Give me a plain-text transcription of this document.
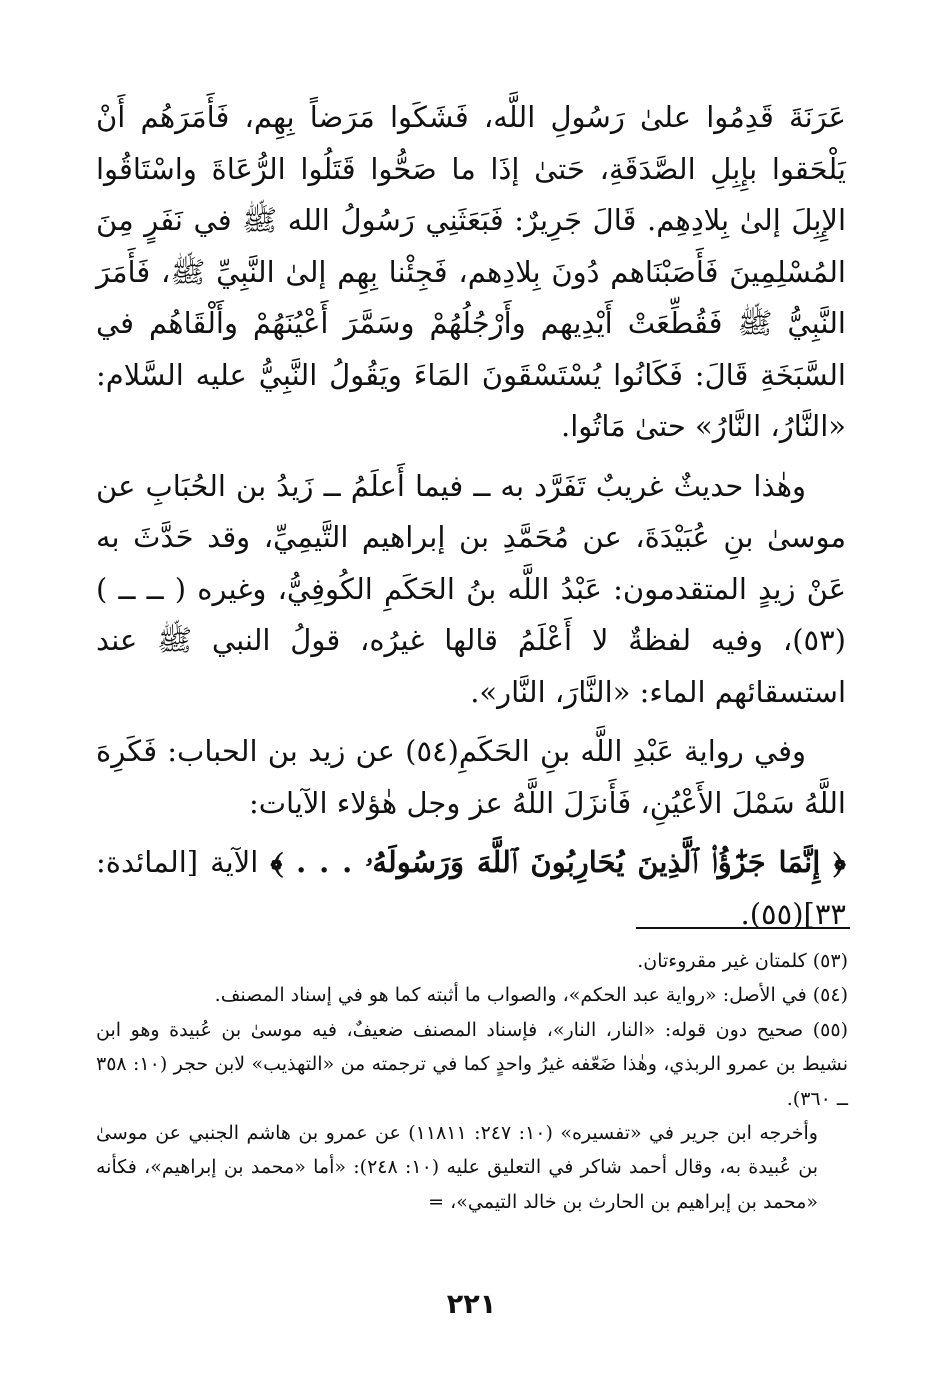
عَرَنَةَ قَدِمُوا علىٰ رَسُولِ اللَّه، فَشَكَوا مَرَضاً بِهِم، فَأَمَرَهُم أَنْ يَلْحَقوا بإِبِلِ الصَّدَقَةِ، حَتىٰ إذَا ما صَحُّوا قَتَلُوا الرُّعَاةَ واسْتَاقُوا الإِبِلَ إلىٰ بِلادِهِم. قَالَ جَرِيرٌ: فَبَعَثَنِي رَسُولُ الله ﷺ في نَفَرٍ مِنَ المُسْلِمِينَ فَأَصَبْنَاهم دُونَ بِلادِهم، فَجِئْنا بِهِم إلىٰ النَّبِيِّ ﷺ، فَأَمَرَ النَّبِيُّ ﷺ فَقُطِّعَتْ أَيْدِيهم وأَرْجُلُهُمْ وسَمَّرَ أَعْيُنَهُمْ وأَلْقَاهُم في السَّبَخَةِ قَالَ: فَكَانُوا يُسْتَسْقَونَ المَاءَ ويَقُولُ النَّبِيُّ عليه السَّلام: «النَّارُ، النَّارُ» حتىٰ مَاتُوا.

وهٰذا حديثٌ غريبٌ تَفَرَّد به ــ فيما أَعلَمُ ــ زَيدُ بن الحُبَابِ عن موسىٰ بنِ عُبَيْدَةَ، عن مُحَمَّدِ بن إبراهيم التَّيمِيِّ، وقد حَدَّثَ به عَنْ زيدٍ المتقدمون: عَبْدُ اللَّه بنُ الحَكَمِ الكُوفِيُّ، وغيره ( ــ ــ )(٥٣)، وفيه لفظةٌ لا أَعْلَمُ قالها غيرُه، قولُ النبي ﷺ عند استسقائهم الماء: «النَّارَ، النَّار».

وفي رواية عَبْدِ اللَّه بنِ الحَكَمِ(٥٤) عن زيد بن الحباب: فَكَرِهَ اللَّهُ سَمْلَ الأَعْيُنِ، فَأَنزَلَ اللَّهُ عز وجل هٰؤلاء الآيات:

﴿ إِنَّمَا جَزَٰٓؤُا۟ ٱلَّذِينَ يُحَارِبُونَ ٱللَّهَ وَرَسُولَهُۥ . . . ﴾ الآية [المائدة: ٣٣](٥٥).

(٥٣) كلمتان غير مقروءتان.

(٥٤) في الأصل: «رواية عبد الحكم»، والصواب ما أثبته كما هو في إسناد المصنف.

(٥٥) صحيح دون قوله: «النار، النار»، فإسناد المصنف ضعيفٌ، فيه موسىٰ بن عُبيدة وهو ابن نشيط بن عمرو الربذي، وهٰذا ضَعّفه غيرُ واحدٍ كما في ترجمته من «التهذيب» لابن حجر (١٠: ٣٥٨ ــ ٣٦٠).

وأخرجه ابن جرير في «تفسيره» (١٠: ٢٤٧: ١١٨١١) عن عمرو بن هاشم الجنبي عن موسىٰ بن عُبيدة به، وقال أحمد شاكر في التعليق عليه (١٠: ٢٤٨): «أما «محمد بن إبراهيم»، فكأنه «محمد بن إبراهيم بن الحارث بن خالد التيمي»، =

٢٢١
